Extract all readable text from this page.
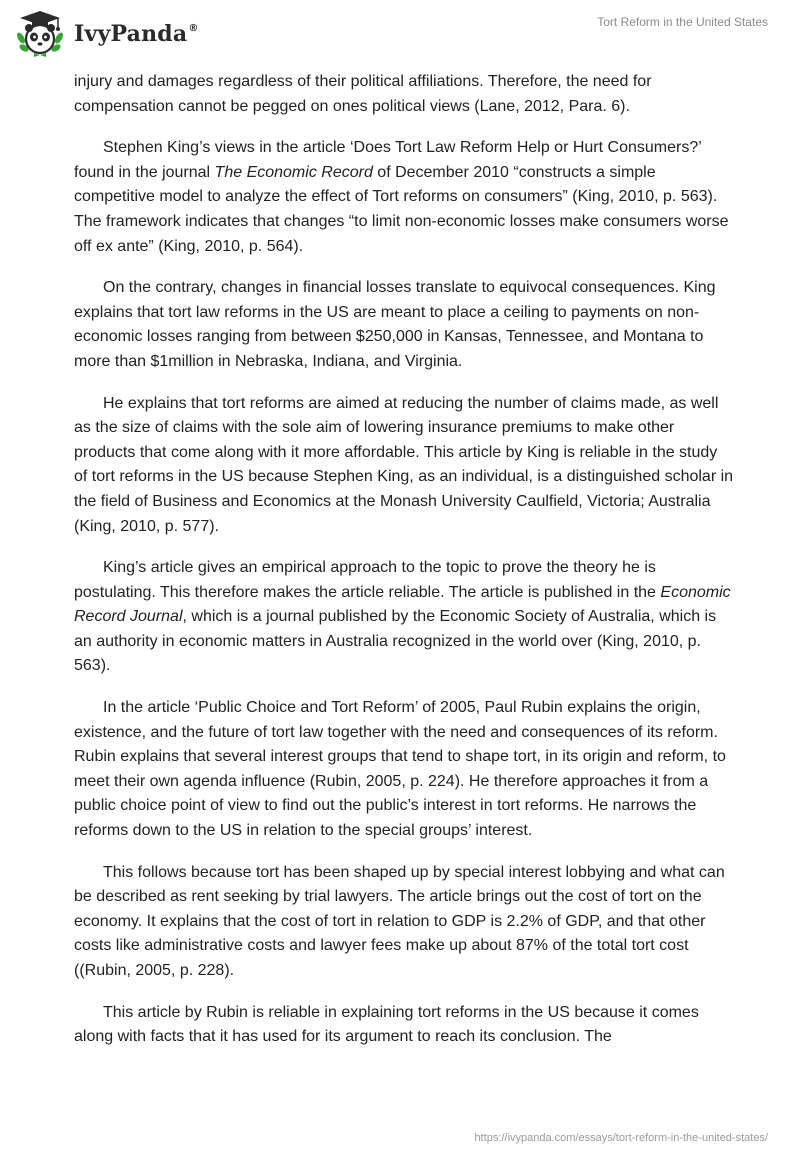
IvyPanda®	Tort Reform in the United States

injury and damages regardless of their political affiliations. Therefore, the need for compensation cannot be pegged on ones political views (Lane, 2012, Para. 6).

Stephen King’s views in the article ‘Does Tort Law Reform Help or Hurt Consumers?’ found in the journal The Economic Record of December 2010 “constructs a simple competitive model to analyze the effect of Tort reforms on consumers” (King, 2010, p. 563). The framework indicates that changes “to limit non-economic losses make consumers worse off ex ante” (King, 2010, p. 564).

On the contrary, changes in financial losses translate to equivocal consequences. King explains that tort law reforms in the US are meant to place a ceiling to payments on non-economic losses ranging from between $250,000 in Kansas, Tennessee, and Montana to more than $1million in Nebraska, Indiana, and Virginia.

He explains that tort reforms are aimed at reducing the number of claims made, as well as the size of claims with the sole aim of lowering insurance premiums to make other products that come along with it more affordable. This article by King is reliable in the study of tort reforms in the US because Stephen King, as an individual, is a distinguished scholar in the field of Business and Economics at the Monash University Caulfield, Victoria; Australia (King, 2010, p. 577).

King’s article gives an empirical approach to the topic to prove the theory he is postulating. This therefore makes the article reliable. The article is published in the Economic Record Journal, which is a journal published by the Economic Society of Australia, which is an authority in economic matters in Australia recognized in the world over (King, 2010, p. 563).

In the article ‘Public Choice and Tort Reform’ of 2005, Paul Rubin explains the origin, existence, and the future of tort law together with the need and consequences of its reform. Rubin explains that several interest groups that tend to shape tort, in its origin and reform, to meet their own agenda influence (Rubin, 2005, p. 224). He therefore approaches it from a public choice point of view to find out the public’s interest in tort reforms. He narrows the reforms down to the US in relation to the special groups’ interest.

This follows because tort has been shaped up by special interest lobbying and what can be described as rent seeking by trial lawyers. The article brings out the cost of tort on the economy. It explains that the cost of tort in relation to GDP is 2.2% of GDP, and that other costs like administrative costs and lawyer fees make up about 87% of the total tort cost ((Rubin, 2005, p. 228).

This article by Rubin is reliable in explaining tort reforms in the US because it comes along with facts that it has used for its argument to reach its conclusion. The

https://ivypanda.com/essays/tort-reform-in-the-united-states/
